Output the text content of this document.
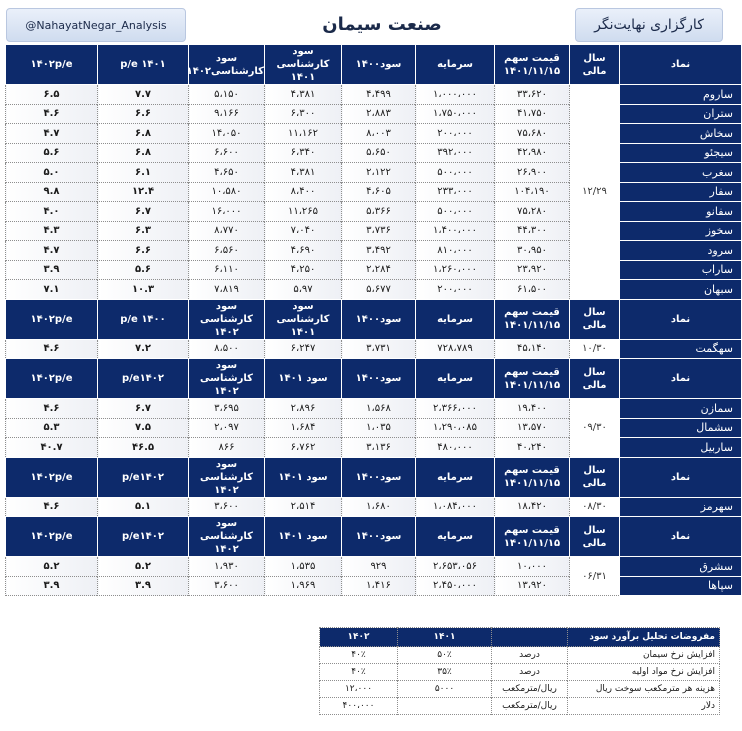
@NahayatNegar_Analysis	صنعت سیمان	کارگزاری نهایت‌نگر
نماد	سال مالی	قیمت سهم ۱۴۰۱/۱۱/۱۵	سرمایه	سود۱۴۰۰	سود کارشناسی ۱۴۰۱	سود کارشناسی۱۴۰۲	p/e ۱۴۰۱	۱۴۰۲p/e
ساروم	۱۲/۲۹	۳۳،۶۲۰	۱،۰۰۰،۰۰۰	۴،۴۹۹	۴،۳۸۱	۵،۱۵۰	۷.۷	۶.۵
ستران		۴۱،۷۵۰	۱،۷۵۰،۰۰۰	۲،۸۸۳	۶،۳۰۰	۹،۱۶۶	۶.۶	۴.۶
سخاش		۷۵،۶۸۰	۲۰۰،۰۰۰	۸،۰۰۳	۱۱،۱۶۲	۱۴،۰۵۰	۶.۸	۴.۷
سیجئو		۴۲،۹۸۰	۳۹۲،۰۰۰	۵،۶۵۰	۶،۳۴۰	۶،۶۰۰	۶.۸	۵.۶
سغرب		۲۶،۹۰۰	۵۰۰،۰۰۰	۲،۱۲۲	۴،۳۸۱	۴،۶۵۰	۶.۱	۵.۰
سفار		۱۰۴،۱۹۰	۲۳۳،۰۰۰	۴،۶۰۵	۸،۴۰۰	۱۰،۵۸۰	۱۲.۴	۹.۸
سفانو		۷۵،۲۸۰	۵۰۰،۰۰۰	۵،۳۶۶	۱۱،۲۶۵	۱۶،۰۰۰	۶.۷	۴.۰
سخوز		۴۴،۳۰۰	۱،۴۰۰،۰۰۰	۳،۷۳۶	۷،۰۴۰	۸،۷۷۰	۶.۳	۴.۳
سرود		۳۰،۹۵۰	۸۱۰،۰۰۰	۳،۴۹۲	۴،۶۹۰	۶،۵۶۰	۶.۶	۴.۷
ساراب		۲۳،۹۲۰	۱،۲۶۰،۰۰۰	۲،۲۸۴	۴،۲۵۰	۶،۱۱۰	۵.۶	۳.۹
سبهان		۶۱،۵۰۰	۲۰۰،۰۰۰	۵،۶۷۷	۵،۹۷	۷،۸۱۹	۱۰.۳	۷.۱
نماد	سال مالی	قیمت سهم ۱۴۰۱/۱۱/۱۵	سرمایه	سود۱۴۰۰	سود کارشناسی ۱۴۰۱	سود کارشناسی ۱۴۰۲	p/e ۱۴۰۰	۱۴۰۲p/e
سهگمت	۱۰/۳۰	۴۵،۱۴۰	۷۲۸،۷۸۹	۳،۷۳۱	۶،۲۴۷	۸،۵۰۰	۷.۲	۴.۶
نماد	سال مالی	قیمت سهم ۱۴۰۱/۱۱/۱۵	سرمایه	سود۱۴۰۰	سود ۱۴۰۱	سود کارشناسی ۱۴۰۲	p/e۱۴۰۲	۱۴۰۲p/e
سمازن	۰۹/۳۰	۱۹،۴۰۰	۲،۳۶۶،۰۰۰	۱،۵۶۸	۲،۸۹۶	۳،۶۹۵	۶.۷	۴.۶
سشمال		۱۳،۵۷۰	۱،۲۹۰،۰۸۵	۱،۰۳۵	۱،۶۸۴	۲،۰۹۷	۷.۵	۵.۳
ساربیل		۴۰،۲۴۰	۴۸۰،۰۰۰	۳،۱۳۶	۶،۷۶۲	۸۶۶	۴۶.۵	۴۰.۷
نماد	سال مالی	قیمت سهم ۱۴۰۱/۱۱/۱۵	سرمایه	سود۱۴۰۰	سود ۱۴۰۱	سود کارشناسی ۱۴۰۲	p/e۱۴۰۲	۱۴۰۲p/e
سهرمز	۰۸/۳۰	۱۸،۴۲۰	۱،۰۸۴،۰۰۰	۱،۶۸۰	۲،۵۱۴	۳،۶۰۰	۵.۱	۴.۶
نماد	سال مالی	قیمت سهم ۱۴۰۱/۱۱/۱۵	سرمایه	سود۱۴۰۰	سود ۱۴۰۱	سود کارشناسی ۱۴۰۲	p/e۱۴۰۲	۱۴۰۲p/e
سشرق	۰۶/۳۱	۱۰،۰۰۰	۲،۶۵۳،۰۵۶	۹۲۹	۱،۵۳۵	۱،۹۳۰	۵.۲	۵.۲
سپاها		۱۳،۹۲۰	۲،۴۵۰،۰۰۰	۱،۴۱۶	۱،۹۶۹	۳،۶۰۰	۳.۹	۳.۹
مفروضات تحلیل برآورد سود		۱۴۰۱	۱۴۰۲
افزایش نرخ سیمان	درصد	۵۰٪	۴۰٪
افزایش نرخ مواد اولیه	درصد	۳۵٪	۴۰٪
هزینه هر مترمکعب سوخت ریال	ریال/مترمکعب	۵۰۰۰	۱۲،۰۰۰
دلار	ریال/مترمکعب		۴۰۰،۰۰۰
